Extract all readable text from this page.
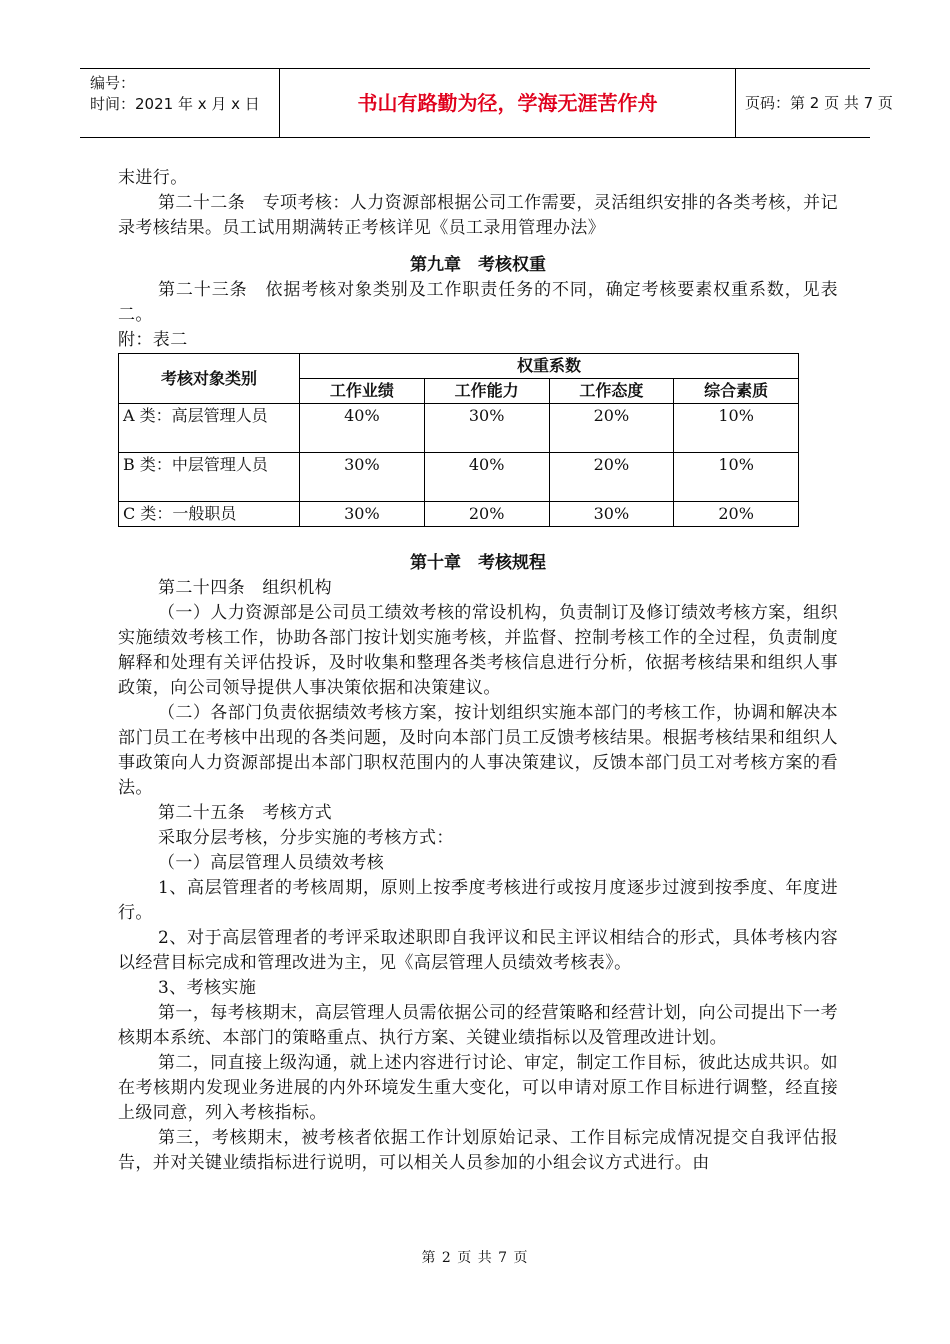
编号：
时间：2021 年 x 月 x 日	书山有路勤为径，学海无涯苦作舟	页码：第 2 页 共 7 页

末进行。

第二十二条　专项考核：人力资源部根据公司工作需要，灵活组织安排的各类考核，并记录考核结果。员工试用期满转正考核详见《员工录用管理办法》

第九章　考核权重

第二十三条　依据考核对象类别及工作职责任务的不同，确定考核要素权重系数，见表二。

附：表二

考核对象类别	权重系数			
	工作业绩	工作能力	工作态度	综合素质
A 类：高层管理人员	40%	30%	20%	10%
B 类：中层管理人员	30%	40%	20%	10%
C 类：一般职员	30%	20%	30%	20%

第十章　考核规程

第二十四条　组织机构

（一）人力资源部是公司员工绩效考核的常设机构，负责制订及修订绩效考核方案，组织实施绩效考核工作，协助各部门按计划实施考核，并监督、控制考核工作的全过程，负责制度解释和处理有关评估投诉，及时收集和整理各类考核信息进行分析，依据考核结果和组织人事政策，向公司领导提供人事决策依据和决策建议。

（二）各部门负责依据绩效考核方案，按计划组织实施本部门的考核工作，协调和解决本部门员工在考核中出现的各类问题，及时向本部门员工反馈考核结果。根据考核结果和组织人事政策向人力资源部提出本部门职权范围内的人事决策建议，反馈本部门员工对考核方案的看法。

第二十五条　考核方式

采取分层考核，分步实施的考核方式：

（一）高层管理人员绩效考核

1、高层管理者的考核周期，原则上按季度考核进行或按月度逐步过渡到按季度、年度进行。

2、对于高层管理者的考评采取述职即自我评议和民主评议相结合的形式，具体考核内容以经营目标完成和管理改进为主，见《高层管理人员绩效考核表》。

3、考核实施

第一，每考核期末，高层管理人员需依据公司的经营策略和经营计划，向公司提出下一考核期本系统、本部门的策略重点、执行方案、关键业绩指标以及管理改进计划。

第二，同直接上级沟通，就上述内容进行讨论、审定，制定工作目标，彼此达成共识。如在考核期内发现业务进展的内外环境发生重大变化，可以申请对原工作目标进行调整，经直接上级同意，列入考核指标。

第三，考核期末，被考核者依据工作计划原始记录、工作目标完成情况提交自我评估报告，并对关键业绩指标进行说明，可以相关人员参加的小组会议方式进行。由

第 2 页 共 7 页
